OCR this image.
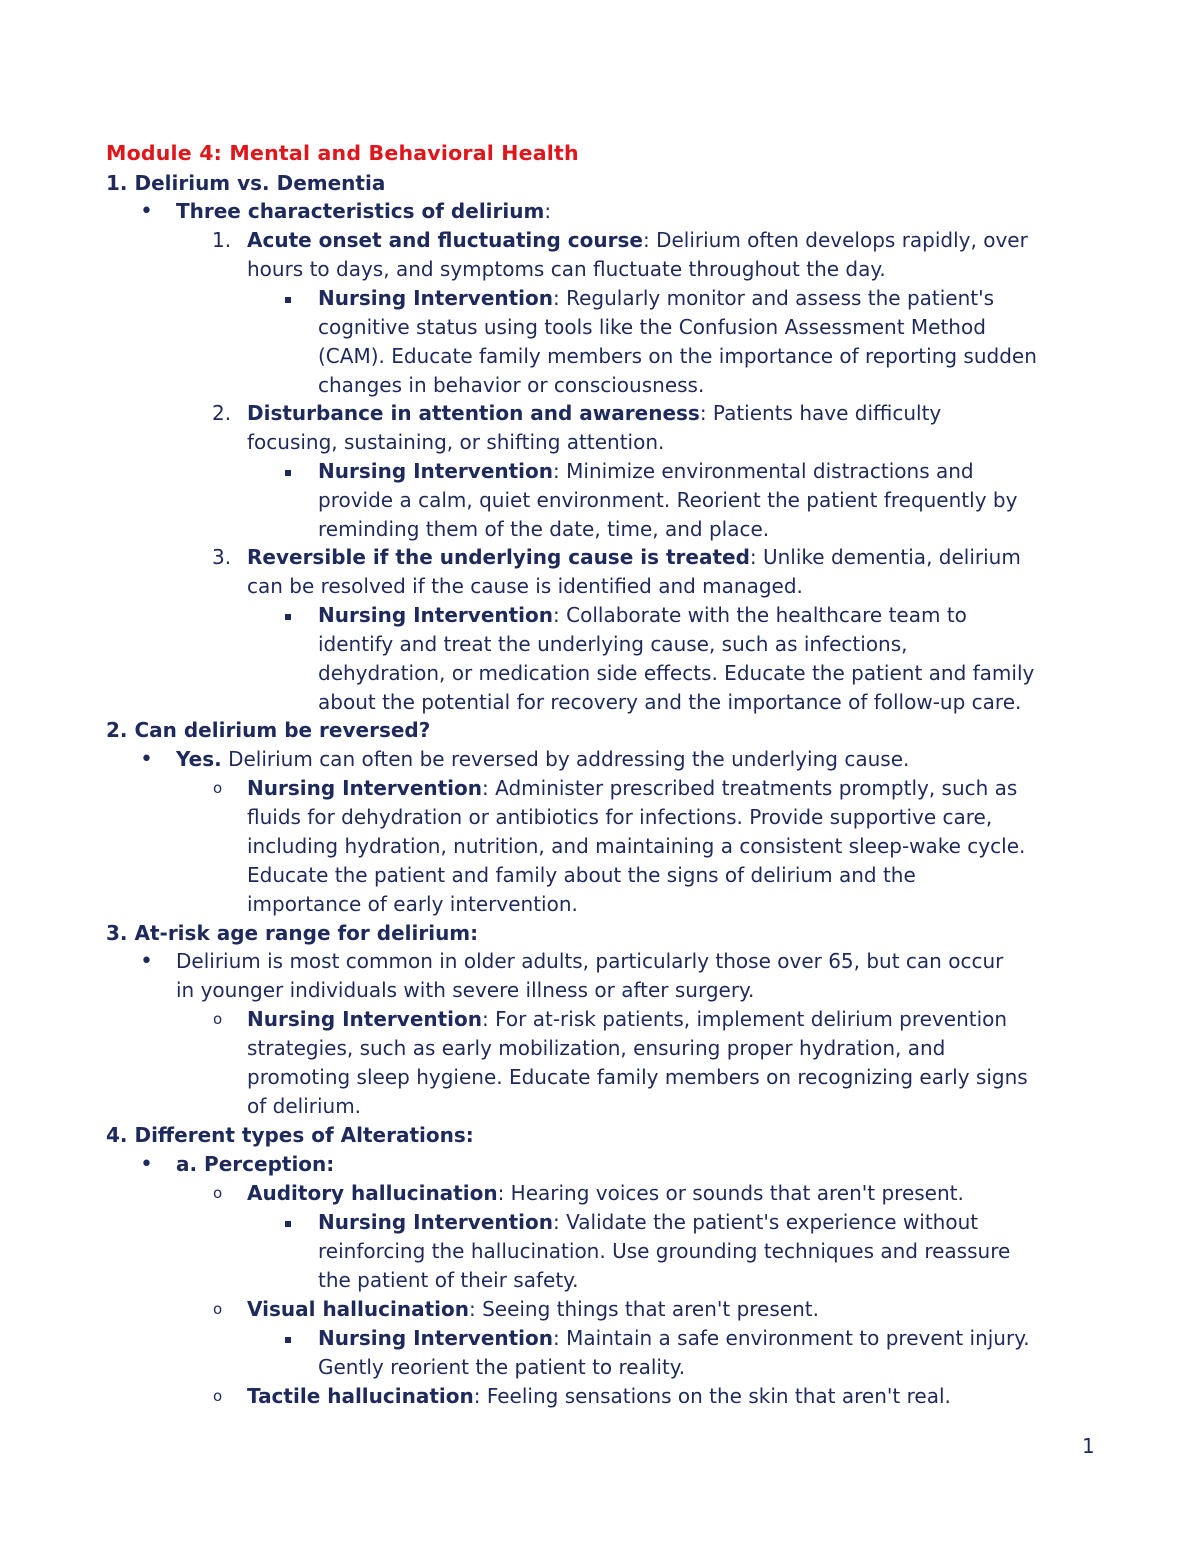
Module 4: Mental and Behavioral Health
1. Delirium vs. Dementia
• Three characteristics of delirium:
1. Acute onset and fluctuating course: Delirium often develops rapidly, over
hours to days, and symptoms can fluctuate throughout the day.
Nursing Intervention: Regularly monitor and assess the patient's
cognitive status using tools like the Confusion Assessment Method
(CAM). Educate family members on the importance of reporting sudden
changes in behavior or consciousness.
2. Disturbance in attention and awareness: Patients have difficulty
focusing, sustaining, or shifting attention.
Nursing Intervention: Minimize environmental distractions and
provide a calm, quiet environment. Reorient the patient frequently by
reminding them of the date, time, and place.
3. Reversible if the underlying cause is treated: Unlike dementia, delirium
can be resolved if the cause is identified and managed.
Nursing Intervention: Collaborate with the healthcare team to
identify and treat the underlying cause, such as infections,
dehydration, or medication side effects. Educate the patient and family
about the potential for recovery and the importance of follow-up care.
2. Can delirium be reversed?
• Yes. Delirium can often be reversed by addressing the underlying cause.
o Nursing Intervention: Administer prescribed treatments promptly, such as
fluids for dehydration or antibiotics for infections. Provide supportive care,
including hydration, nutrition, and maintaining a consistent sleep-wake cycle.
Educate the patient and family about the signs of delirium and the
importance of early intervention.
3. At-risk age range for delirium:
• Delirium is most common in older adults, particularly those over 65, but can occur
in younger individuals with severe illness or after surgery.
o Nursing Intervention: For at-risk patients, implement delirium prevention
strategies, such as early mobilization, ensuring proper hydration, and
promoting sleep hygiene. Educate family members on recognizing early signs
of delirium.
4. Different types of Alterations:
• a. Perception:
o Auditory hallucination: Hearing voices or sounds that aren't present.
Nursing Intervention: Validate the patient's experience without
reinforcing the hallucination. Use grounding techniques and reassure
the patient of their safety.
o Visual hallucination: Seeing things that aren't present.
Nursing Intervention: Maintain a safe environment to prevent injury.
Gently reorient the patient to reality.
o Tactile hallucination: Feeling sensations on the skin that aren't real.
1
